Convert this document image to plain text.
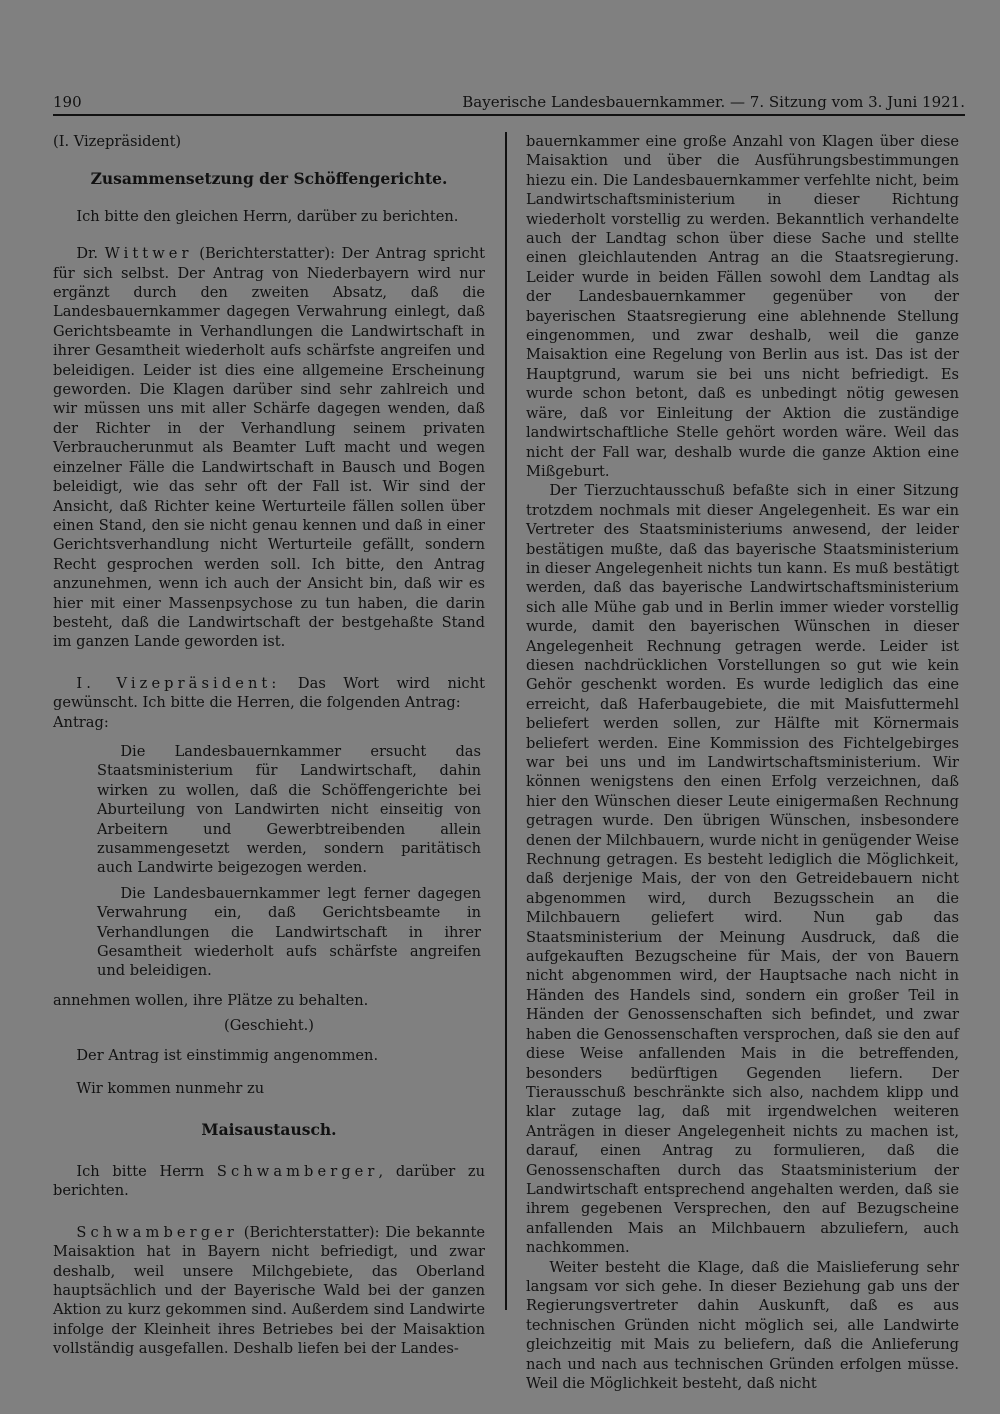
190	Bayerische Landesbauernkammer. — 7. Sitzung vom 3. Juni 1921.

(I. Vizepräsident)

Zusammensetzung der Schöffengerichte.

Ich bitte den gleichen Herrn, darüber zu berichten.

Dr. Wittwer (Berichterstatter): Der Antrag spricht für sich selbst. Der Antrag von Niederbayern wird nur ergänzt durch den zweiten Absatz, daß die Landesbauernkammer dagegen Verwahrung einlegt, daß Gerichtsbeamte in Verhandlungen die Landwirtschaft in ihrer Gesamtheit wiederholt aufs schärfste angreifen und beleidigen. Leider ist dies eine allgemeine Erscheinung geworden. Die Klagen darüber sind sehr zahlreich und wir müssen uns mit aller Schärfe dagegen wenden, daß der Richter in der Verhandlung seinem privaten Verbraucherunmut als Beamter Luft macht und wegen einzelner Fälle die Landwirtschaft in Bausch und Bogen beleidigt, wie das sehr oft der Fall ist. Wir sind der Ansicht, daß Richter keine Werturteile fällen sollen über einen Stand, den sie nicht genau kennen und daß in einer Gerichtsverhandlung nicht Werturteile gefällt, sondern Recht gesprochen werden soll. Ich bitte, den Antrag anzunehmen, wenn ich auch der Ansicht bin, daß wir es hier mit einer Massenpsychose zu tun haben, die darin besteht, daß die Landwirtschaft der bestgehaßte Stand im ganzen Lande geworden ist.

I. Vizepräsident: Das Wort wird nicht gewünscht. Ich bitte die Herren, die folgenden Antrag:
Antrag:

Die Landesbauernkammer ersucht das Staatsministerium für Landwirtschaft, dahin wirken zu wollen, daß die Schöffengerichte bei Aburteilung von Landwirten nicht einseitig von Arbeitern und Gewerbtreibenden allein zusammengesetzt werden, sondern paritätisch auch Landwirte beigezogen werden.

Die Landesbauernkammer legt ferner dagegen Verwahrung ein, daß Gerichtsbeamte in Verhandlungen die Landwirtschaft in ihrer Gesamtheit wiederholt aufs schärfste angreifen und beleidigen.

annehmen wollen, ihre Plätze zu behalten.

(Geschieht.)

Der Antrag ist einstimmig angenommen.

Wir kommen nunmehr zu

Maisaustausch.

Ich bitte Herrn Schwamberger, darüber zu berichten.

Schwamberger (Berichterstatter): Die bekannte Maisaktion hat in Bayern nicht befriedigt, und zwar deshalb, weil unsere Milchgebiete, das Oberland hauptsächlich und der Bayerische Wald bei der ganzen Aktion zu kurz gekommen sind. Außerdem sind Landwirte infolge der Kleinheit ihres Betriebes bei der Maisaktion vollständig ausgefallen. Deshalb liefen bei der Landes-

bauernkammer eine große Anzahl von Klagen über diese Maisaktion und über die Ausführungsbestimmungen hiezu ein. Die Landesbauernkammer verfehlte nicht, beim Landwirtschaftsministerium in dieser Richtung wiederholt vorstellig zu werden. Bekanntlich verhandelte auch der Landtag schon über diese Sache und stellte einen gleichlautenden Antrag an die Staatsregierung. Leider wurde in beiden Fällen sowohl dem Landtag als der Landesbauernkammer gegenüber von der bayerischen Staatsregierung eine ablehnende Stellung eingenommen, und zwar deshalb, weil die ganze Maisaktion eine Regelung von Berlin aus ist. Das ist der Hauptgrund, warum sie bei uns nicht befriedigt. Es wurde schon betont, daß es unbedingt nötig gewesen wäre, daß vor Einleitung der Aktion die zuständige landwirtschaftliche Stelle gehört worden wäre. Weil das nicht der Fall war, deshalb wurde die ganze Aktion eine Mißgeburt.

Der Tierzuchtausschuß befaßte sich in einer Sitzung trotzdem nochmals mit dieser Angelegenheit. Es war ein Vertreter des Staatsministeriums anwesend, der leider bestätigen mußte, daß das bayerische Staatsministerium in dieser Angelegenheit nichts tun kann. Es muß bestätigt werden, daß das bayerische Landwirtschaftsministerium sich alle Mühe gab und in Berlin immer wieder vorstellig wurde, damit den bayerischen Wünschen in dieser Angelegenheit Rechnung getragen werde. Leider ist diesen nachdrücklichen Vorstellungen so gut wie kein Gehör geschenkt worden. Es wurde lediglich das eine erreicht, daß Haferbaugebiete, die mit Maisfuttermehl beliefert werden sollen, zur Hälfte mit Körnermais beliefert werden. Eine Kommission des Fichtelgebirges war bei uns und im Landwirtschaftsministerium. Wir können wenigstens den einen Erfolg verzeichnen, daß hier den Wünschen dieser Leute einigermaßen Rechnung getragen wurde. Den übrigen Wünschen, insbesondere denen der Milchbauern, wurde nicht in genügender Weise Rechnung getragen. Es besteht lediglich die Möglichkeit, daß derjenige Mais, der von den Getreidebauern nicht abgenommen wird, durch Bezugsschein an die Milchbauern geliefert wird. Nun gab das Staatsministerium der Meinung Ausdruck, daß die aufgekauften Bezugscheine für Mais, der von Bauern nicht abgenommen wird, der Hauptsache nach nicht in Händen des Handels sind, sondern ein großer Teil in Händen der Genossenschaften sich befindet, und zwar haben die Genossenschaften versprochen, daß sie den auf diese Weise anfallenden Mais in die betreffenden, besonders bedürftigen Gegenden liefern. Der Tierausschuß beschränkte sich also, nachdem klipp und klar zutage lag, daß mit irgendwelchen weiteren Anträgen in dieser Angelegenheit nichts zu machen ist, darauf, einen Antrag zu formulieren, daß die Genossenschaften durch das Staatsministerium der Landwirtschaft entsprechend angehalten werden, daß sie ihrem gegebenen Versprechen, den auf Bezugscheine anfallenden Mais an Milchbauern abzuliefern, auch nachkommen.

Weiter besteht die Klage, daß die Maislieferung sehr langsam vor sich gehe. In dieser Beziehung gab uns der Regierungsvertreter dahin Auskunft, daß es aus technischen Gründen nicht möglich sei, alle Landwirte gleichzeitig mit Mais zu beliefern, daß die Anlieferung nach und nach aus technischen Gründen erfolgen müsse. Weil die Möglichkeit besteht, daß nicht
